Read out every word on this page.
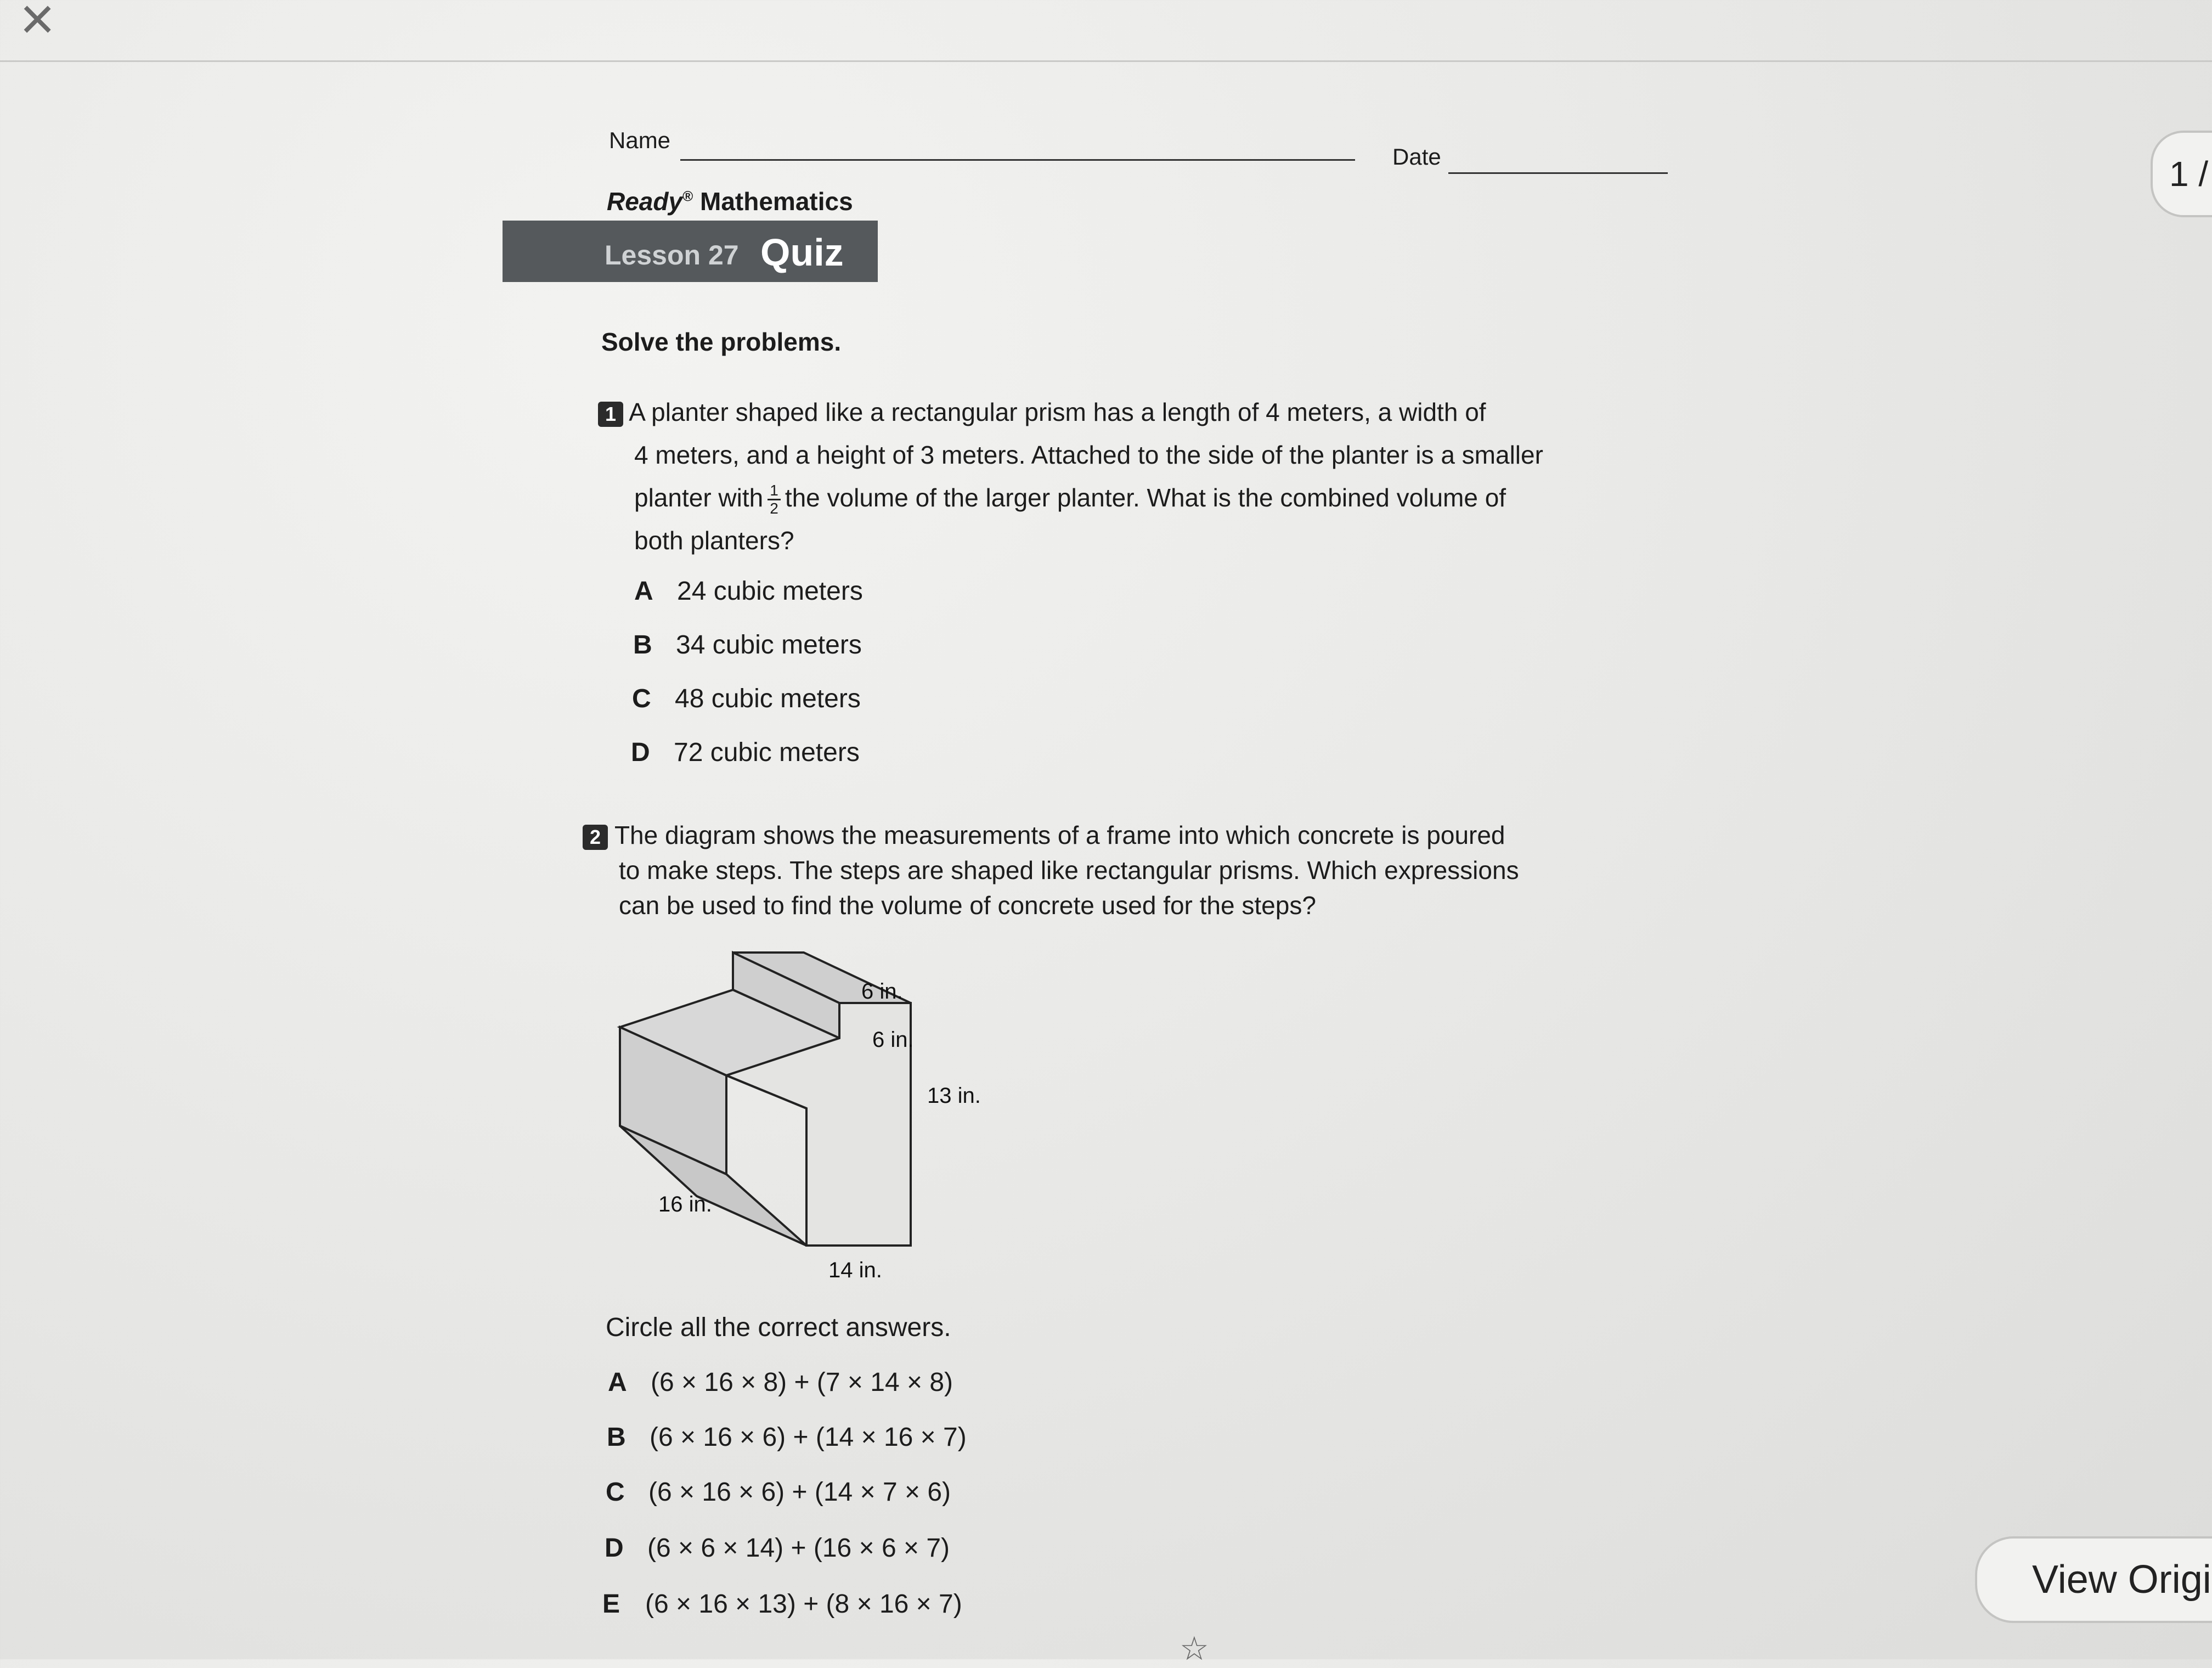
×
1 /
View Origi
Name
Date
Ready® Mathematics
Lesson 27 Quiz
Solve the problems.
1 A planter shaped like a rectangular prism has a length of 4 meters, a width of
4 meters, and a height of 3 meters. Attached to the side of the planter is a smaller
planter with $\frac{1}{2}$ the volume of the larger planter. What is the combined volume of
both planters?
A 24 cubic meters
B 34 cubic meters
C 48 cubic meters
D 72 cubic meters
2 The diagram shows the measurements of a frame into which concrete is poured
to make steps. The steps are shaped like rectangular prisms. Which expressions
can be used to find the volume of concrete used for the steps?
6 in.
6 in.
13 in.
16 in.
14 in.
Circle all the correct answers.
A (6 × 16 × 8) + (7 × 14 × 8)
B (6 × 16 × 6) + (14 × 16 × 7)
C (6 × 16 × 6) + (14 × 7 × 6)
D (6 × 6 × 14) + (16 × 6 × 7)
E (6 × 16 × 13) + (8 × 16 × 7)
☆
